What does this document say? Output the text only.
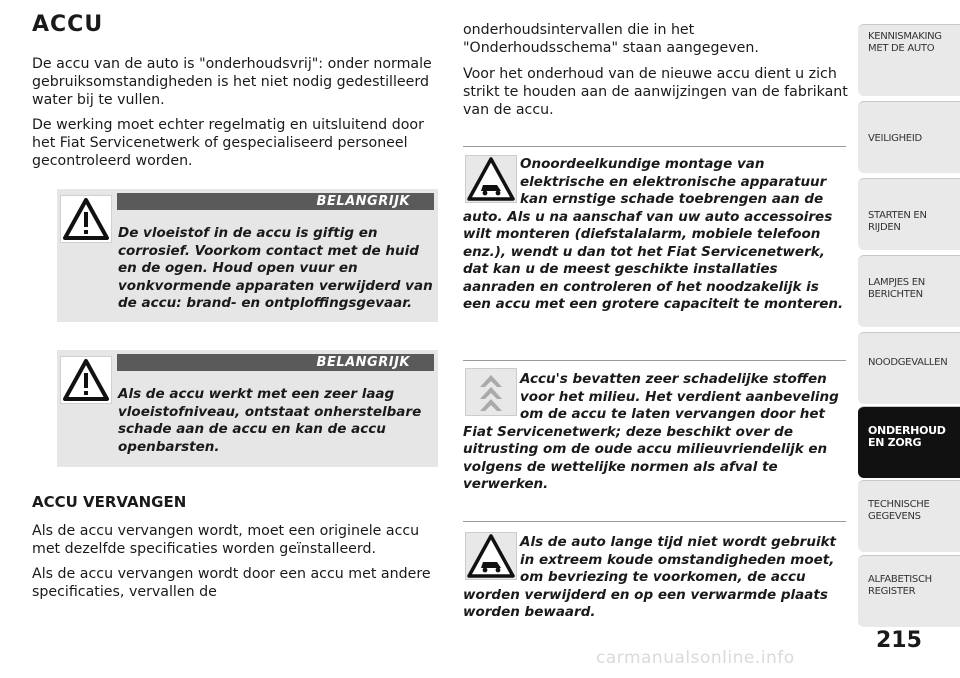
ACCU

De accu van de auto is "onderhoudsvrij": onder normale gebruiksomstandigheden is het niet nodig gedestilleerd water bij te vullen.

De werking moet echter regelmatig en uitsluitend door het Fiat Servicenetwerk of gespecialiseerd personeel gecontroleerd worden.

BELANGRIJK
De vloeistof in de accu is giftig en corrosief. Voorkom contact met de huid en de ogen. Houd open vuur en vonkvormende apparaten verwijderd van de accu: brand- en ontploffingsgevaar.
BELANGRIJK
Als de accu werkt met een zeer laag vloeistofniveau, ontstaat onherstelbare schade aan de accu en kan de accu openbarsten.
ACCU VERVANGEN

Als de accu vervangen wordt, moet een originele accu met dezelfde specificaties worden geïnstalleerd.

Als de accu vervangen wordt door een accu met andere specificaties, vervallen de

onderhoudsintervallen die in het "Onderhoudsschema" staan aangegeven.

Voor het onderhoud van de nieuwe accu dient u zich strikt te houden aan de aanwijzingen van de fabrikant van de accu.

Onoordeelkundige montage van elektrische en elektronische apparatuur kan ernstige schade toebrengen aan de auto. Als u na aanschaf van uw auto accessoires wilt monteren (diefstalalarm, mobiele telefoon enz.), wendt u dan tot het Fiat Servicenetwerk, dat kan u de meest geschikte installaties aanraden en controleren of het noodzakelijk is een accu met een grotere capaciteit te monteren.
Accu's bevatten zeer schadelijke stoffen voor het milieu. Het verdient aanbeveling om de accu te laten vervangen door het Fiat Servicenetwerk; deze beschikt over de uitrusting om de oude accu milieuvriendelijk en volgens de wettelijke normen als afval te verwerken.
Als de auto lange tijd niet wordt gebruikt in extreem koude omstandigheden moet, om bevriezing te voorkomen, de accu worden verwijderd en op een verwarmde plaats worden bewaard.
KENNISMAKING MET DE AUTO
VEILIGHEID
STARTEN EN RIJDEN
LAMPJES EN BERICHTEN
NOODGEVALLEN
ONDERHOUD EN ZORG
TECHNISCHE GEGEVENS
ALFABETISCH REGISTER
215
carmanualsonline.info
